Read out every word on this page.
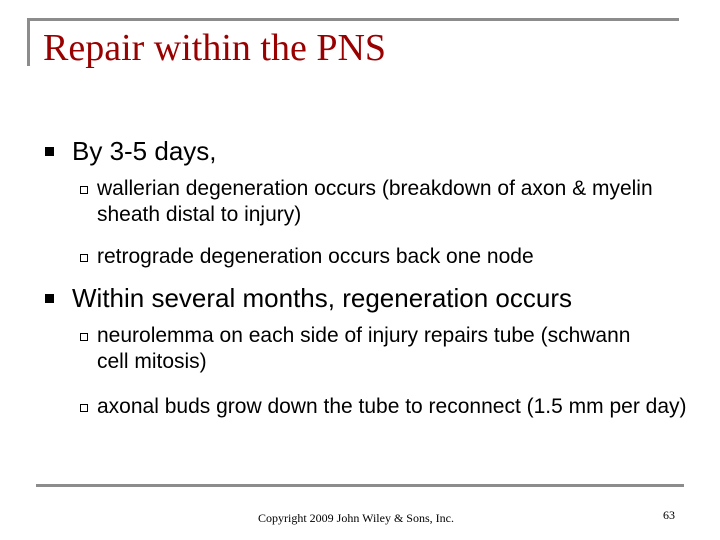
Repair within the PNS
By 3-5 days,
wallerian degeneration occurs (breakdown of axon & myelin sheath distal to injury)
retrograde degeneration occurs back one node
Within several months, regeneration occurs
neurolemma on each side of injury repairs tube (schwann cell mitosis)
axonal buds grow down the tube to reconnect (1.5 mm per day)
Copyright 2009 John Wiley & Sons, Inc.	63
